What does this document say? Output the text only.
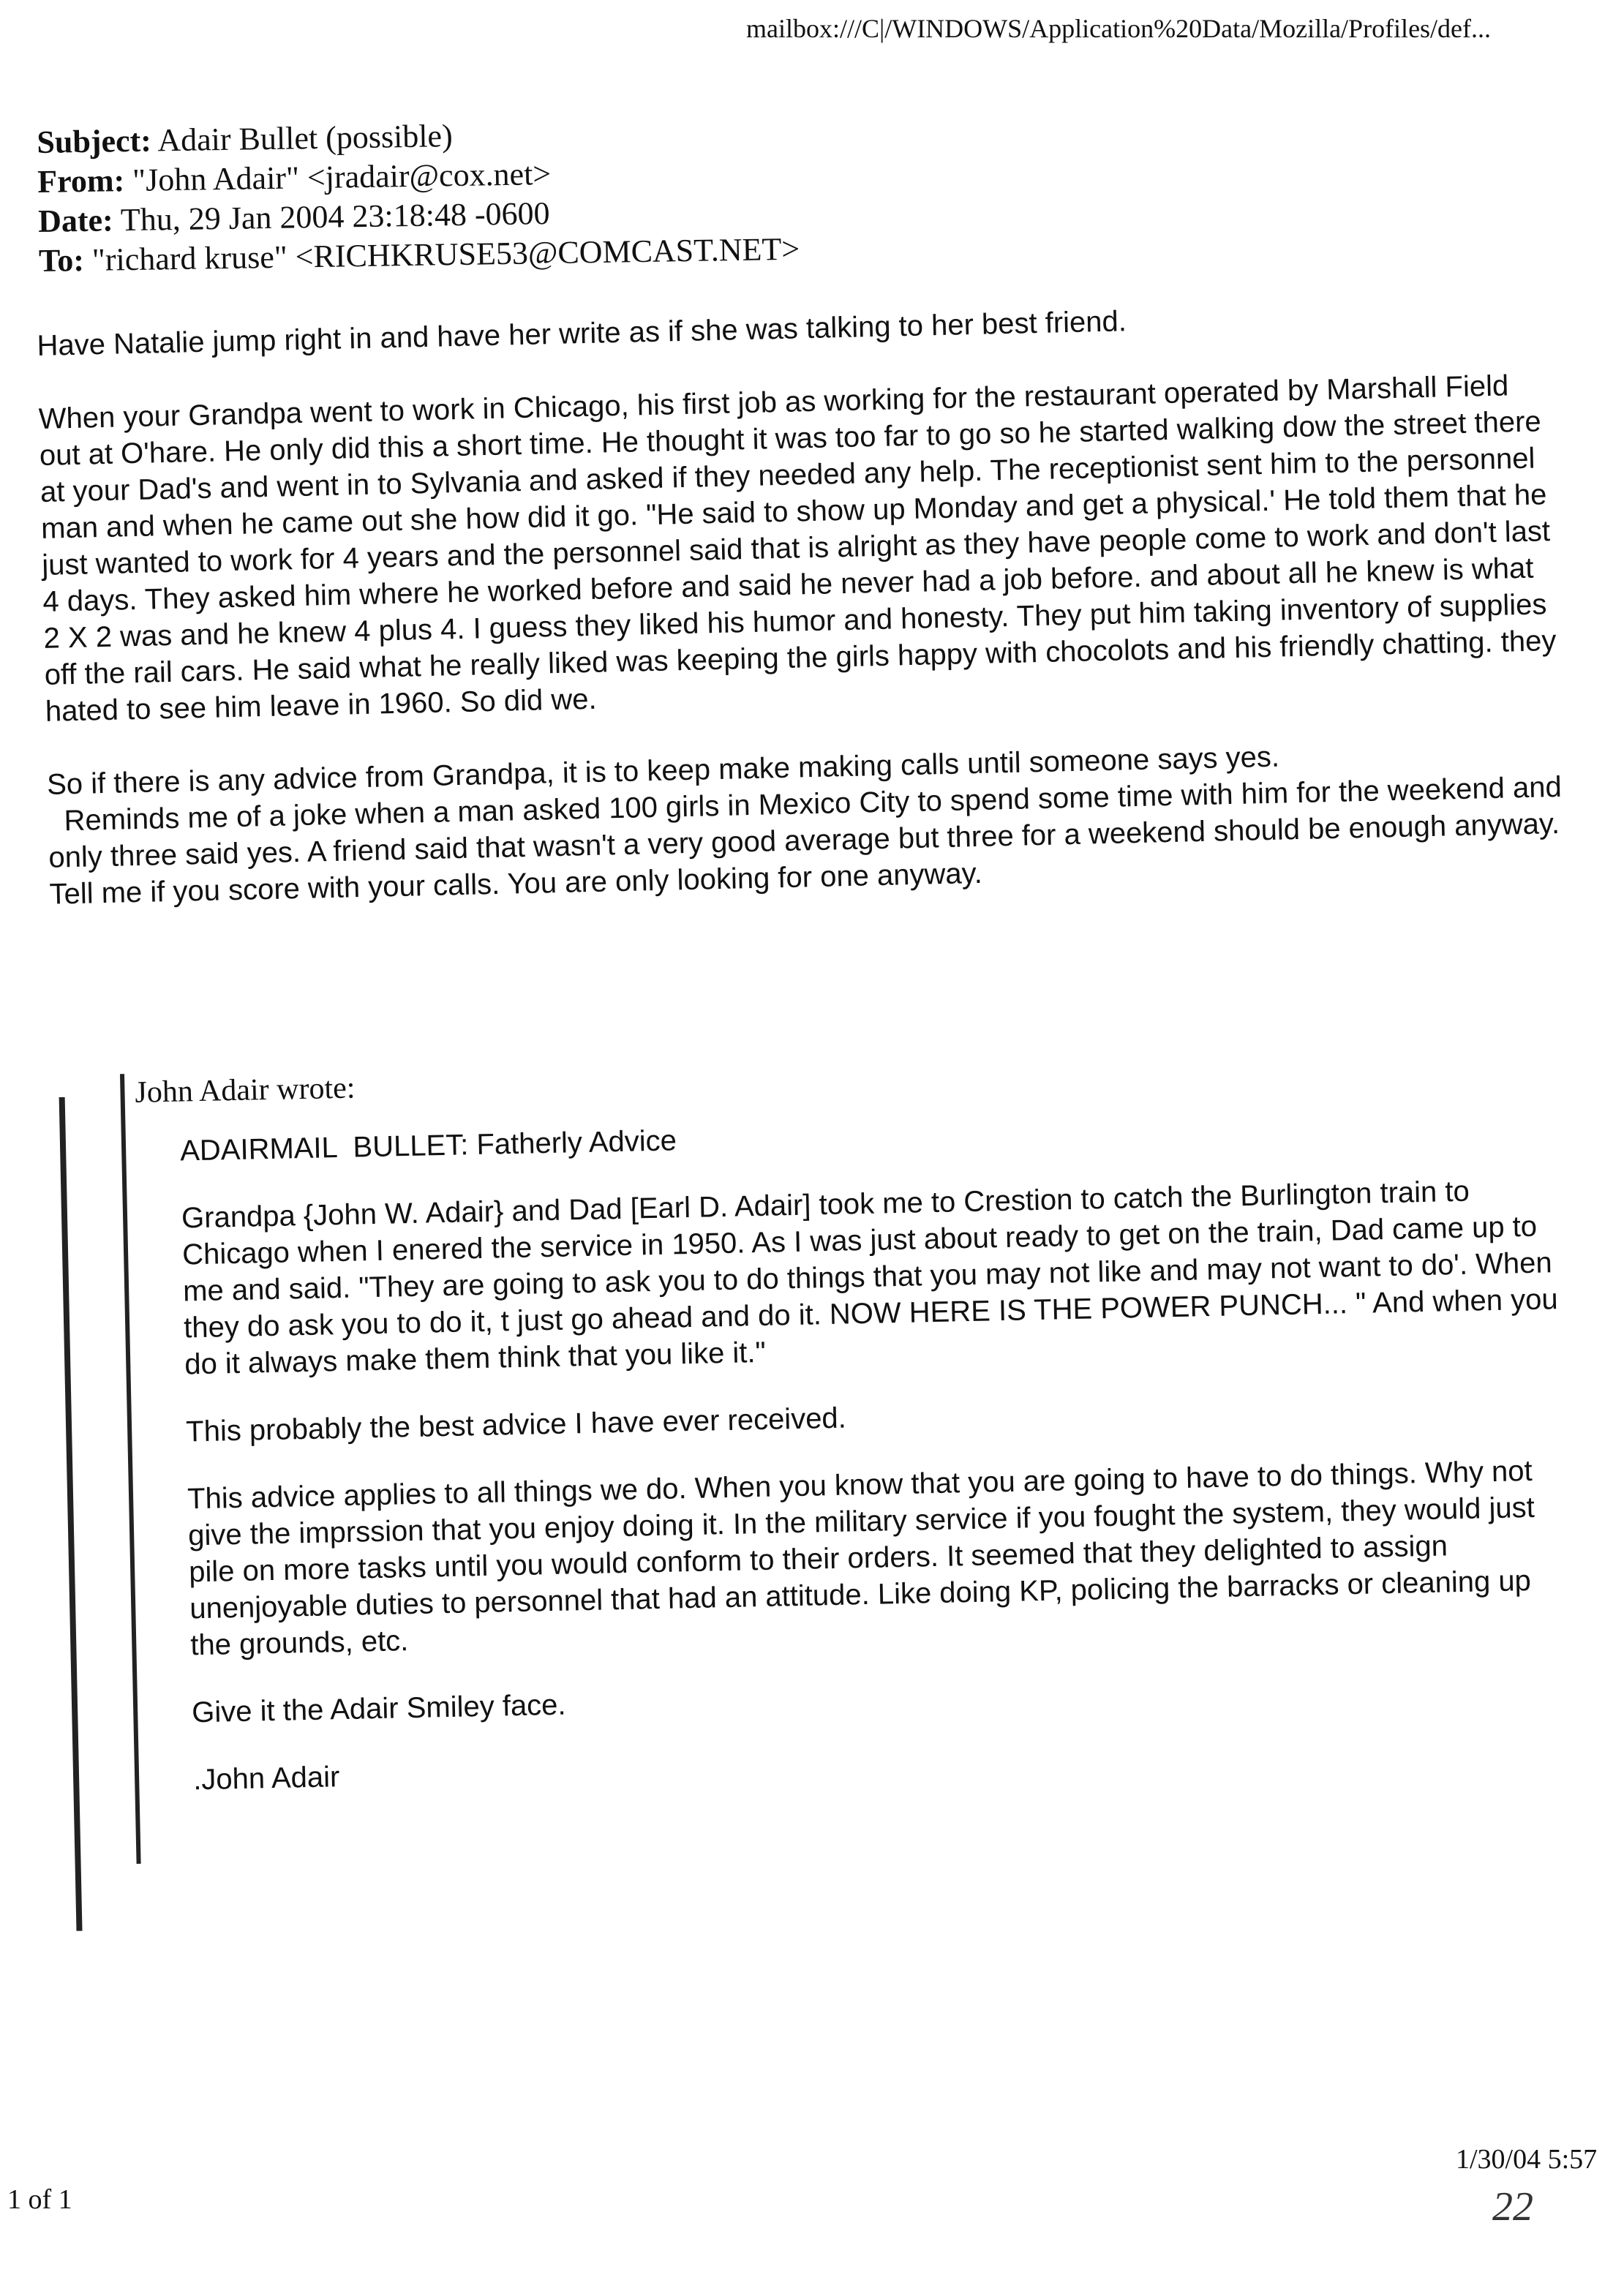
mailbox:///C|/WINDOWS/Application%20Data/Mozilla/Profiles/def...
Subject: Adair Bullet (possible)
From: "John Adair" <jradair@cox.net>
Date: Thu, 29 Jan 2004 23:18:48 -0600
To: "richard kruse" <RICHKRUSE53@COMCAST.NET>

Have Natalie jump right in and have her write as if she was talking to her best friend.

When your Grandpa went to work in Chicago, his first job as working for the restaurant operated by Marshall Field out at O'hare. He only did this a short time. He thought it was too far to go so he started walking dow the street there at your Dad's and went in to Sylvania and asked if they needed any help. The receptionist sent him to the personnel man and when he came out she how did it go. "He said to show up Monday and get a physical.' He told them that he just wanted to work for 4 years and the personnel said that is alright as they have people come to work and don't last 4 days. They asked him where he worked before and said he never had a job before. and about all he knew is what 2 X 2 was and he knew 4 plus 4. I guess they liked his humor and honesty. They put him taking inventory of supplies off the rail cars. He said what he really liked was keeping the girls happy with chocolots and his friendly chatting. they hated to see him leave in 1960. So did we.

So if there is any advice from Grandpa, it is to keep make making calls until someone says yes.
Reminds me of a joke when a man asked 100 girls in Mexico City to spend some time with him for the weekend and only three said yes. A friend said that wasn't a very good average but three for a weekend should be enough anyway. Tell me if you score with your calls. You are only looking for one anyway.

John Adair wrote:
ADAIRMAIL  BULLET: Fatherly Advice
Grandpa {John W. Adair} and Dad [Earl D. Adair] took me to Crestion to catch the Burlington train to Chicago when I enered the service in 1950. As I was just about ready to get on the train, Dad came up to me and said. "They are going to ask you to do things that you may not like and may not want to do'. When they do ask you to do it, t just go ahead and do it. NOW HERE IS THE POWER PUNCH... " And when you do it always make them think that you like it."
This probably the best advice I have ever received.
This advice applies to all things we do. When you know that you are going to have to do things. Why not give the imprssion that you enjoy doing it. In the military service if you fought the system, they would just pile on more tasks until you would conform to their orders. It seemed that they delighted to assign unenjoyable duties to personnel that had an attitude. Like doing KP, policing the barracks or cleaning up the grounds, etc.
Give it the Adair Smiley face.
.John Adair
1 of 1
1/30/04 5:57
22
